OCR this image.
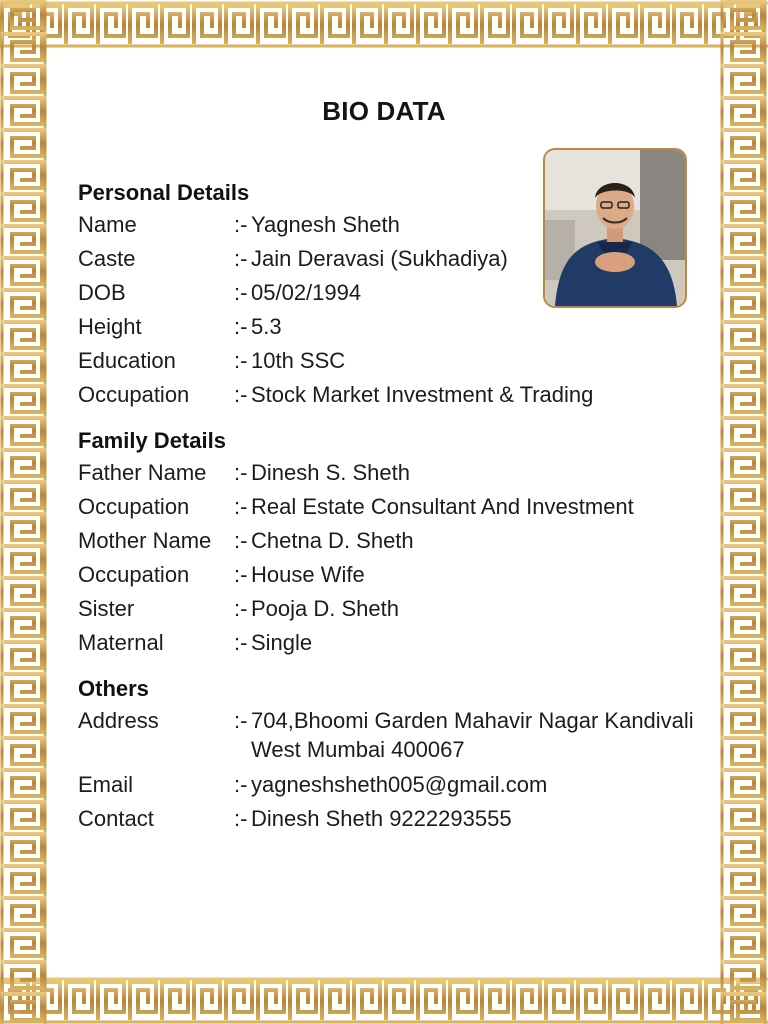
BIO DATA
Personal Details
Name	:- Yagnesh Sheth
Caste	:- Jain Deravasi (Sukhadiya)
DOB	:- 05/02/1994
Height	:- 5.3
Education	:- 10th SSC
Occupation	:- Stock Market Investment & Trading
Family Details
Father Name	:- Dinesh S. Sheth
Occupation	:- Real Estate Consultant And Investment
Mother Name	:- Chetna D. Sheth
Occupation	:- House Wife
Sister	:- Pooja D. Sheth
Maternal	:- Single
Others
Address	:- 704,Bhoomi Garden Mahavir Nagar Kandivali
West Mumbai 400067
Email	:- yagneshsheth005@gmail.com
Contact	:- Dinesh Sheth 9222293555
